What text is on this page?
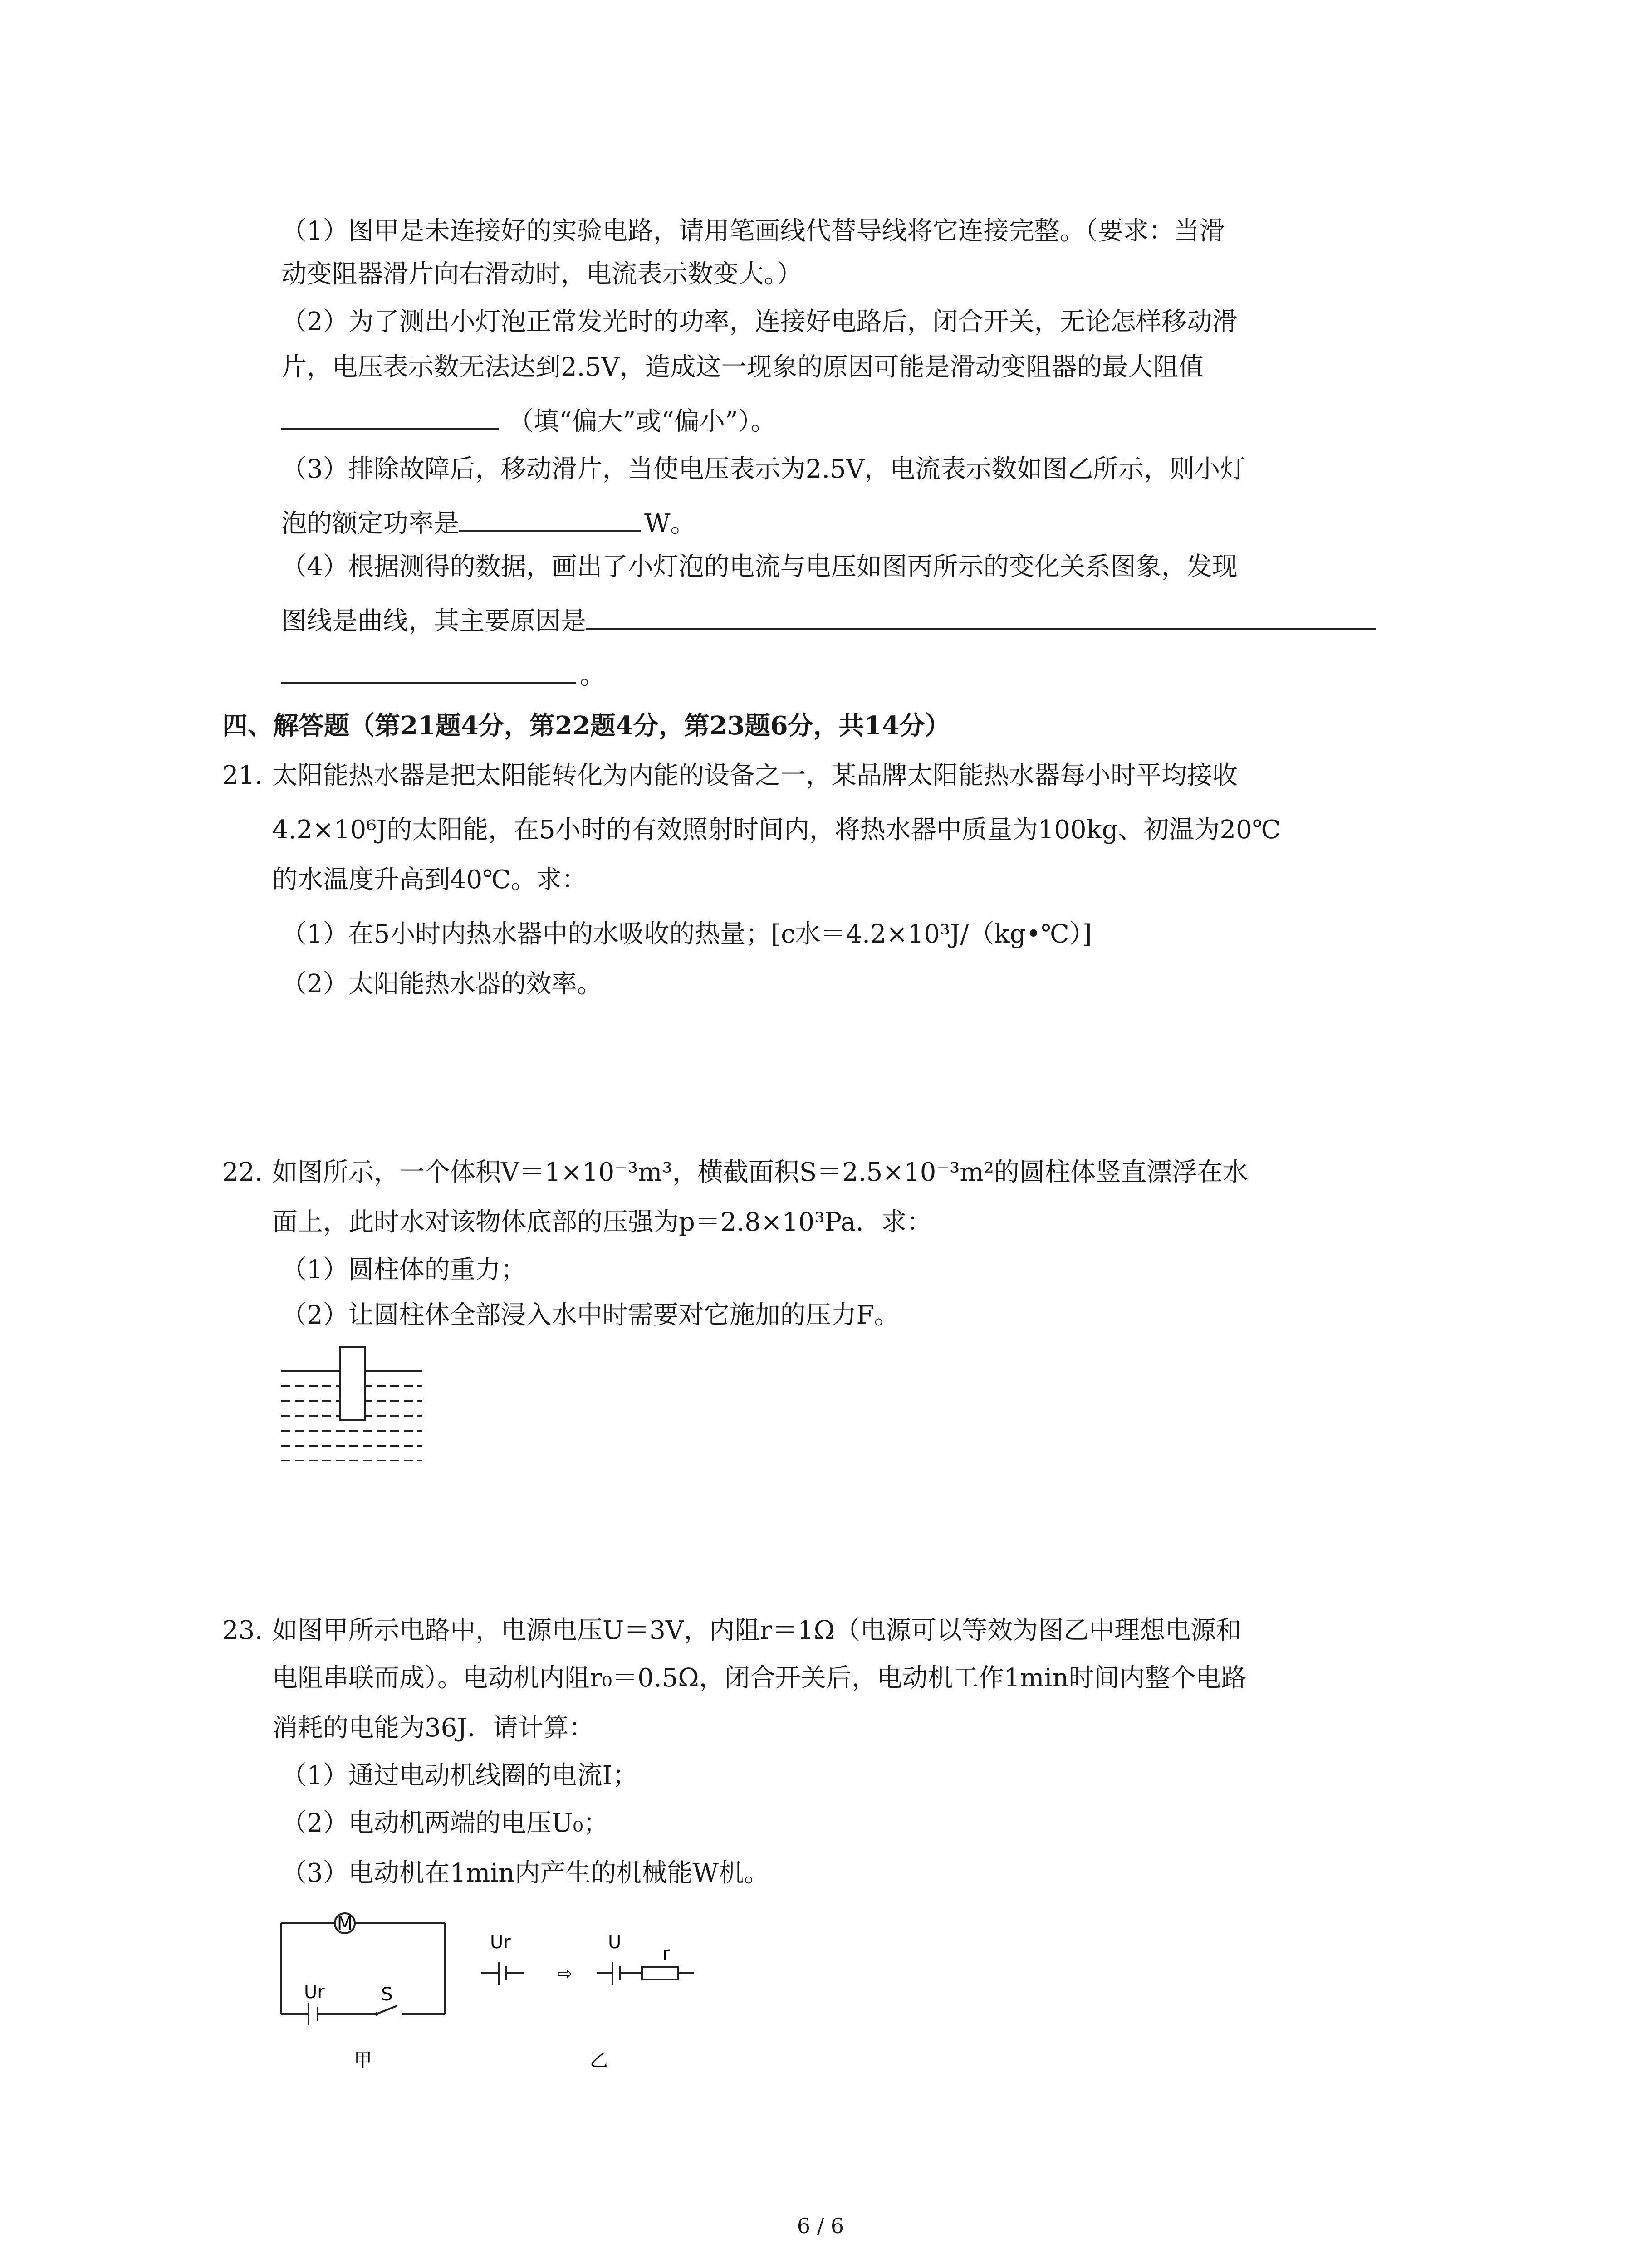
（1）图甲是未连接好的实验电路，请用笔画线代替导线将它连接完整。（要求：当滑
动变阻器滑片向右滑动时，电流表示数变大。）
（2）为了测出小灯泡正常发光时的功率，连接好电路后，闭合开关，无论怎样移动滑
片，电压表示数无法达到2.5V，造成这一现象的原因可能是滑动变阻器的最大阻值
（填“偏大”或“偏小”）。
（3）排除故障后，移动滑片，当使电压表示为2.5V，电流表示数如图乙所示，则小灯
泡的额定功率是	W。
（4）根据测得的数据，画出了小灯泡的电流与电压如图丙所示的变化关系图象，发现
图线是曲线，其主要原因是
。
四、解答题（第21题4分，第22题4分，第23题6分，共14分）
21. 太阳能热水器是把太阳能转化为内能的设备之一，某品牌太阳能热水器每小时平均接收
4.2×10⁶J的太阳能，在5小时的有效照射时间内，将热水器中质量为100kg、初温为20℃
的水温度升高到40℃。求：
（1）在5小时内热水器中的水吸收的热量；[c水＝4.2×10³J/（kg•℃）]
（2）太阳能热水器的效率。
22. 如图所示，一个体积V＝1×10⁻³m³，横截面积S＝2.5×10⁻³m²的圆柱体竖直漂浮在水
面上，此时水对该物体底部的压强为p＝2.8×10³Pa．求：
（1）圆柱体的重力；
（2）让圆柱体全部浸入水中时需要对它施加的压力F。
23. 如图甲所示电路中，电源电压U＝3V，内阻r＝1Ω（电源可以等效为图乙中理想电源和
电阻串联而成）。电动机内阻r₀＝0.5Ω，闭合开关后，电动机工作1min时间内整个电路
消耗的电能为36J．请计算：
（1）通过电动机线圈的电流I；
（2）电动机两端的电压U₀；
（3）电动机在1min内产生的机械能W机。
M
Ur	S
甲
Ur
⇨
U
r
乙
6 / 6
